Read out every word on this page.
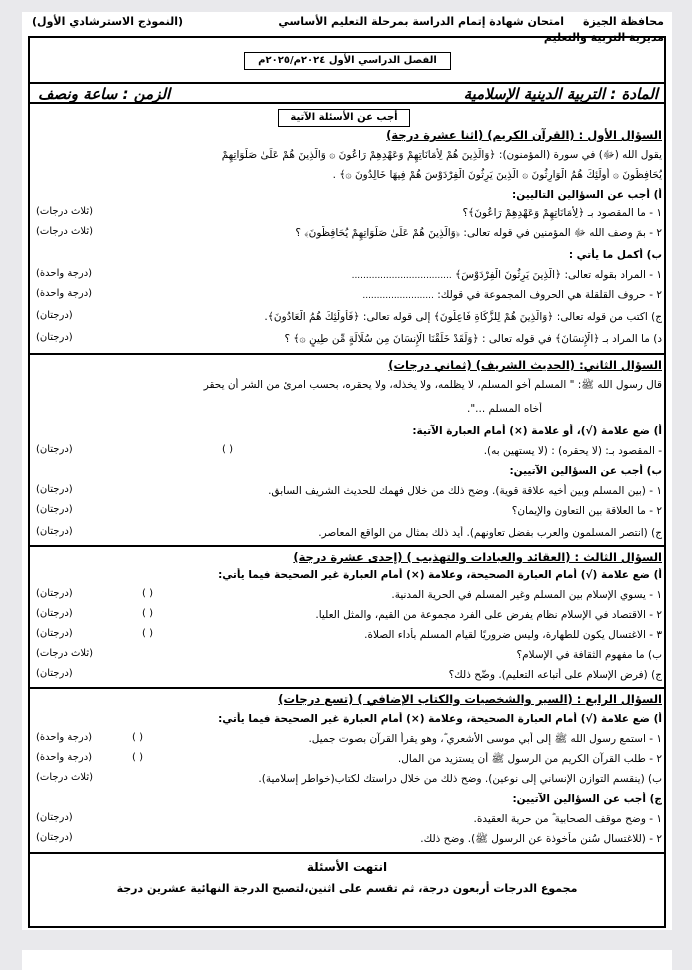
محافظة الجيزة
مديرية التربية والتعليم
امتحان شهادة إتمام الدراسة بمرحلة التعليم الأساسي
(النموذج الاسترشادي الأول)
الفصل الدراسي الأول ٢٠٢٤م/٢٠٢٥م
المادة : التربية الدينية الإسلامية
الزمن : ساعة ونصف
أجب عن الأسئلة الآتية
السؤال الأول : (القرآن الكريم) (اثنا عشرة درجة)
يقول الله (ﷻ) في سورة (المؤمنون): ﴿وَالَّذِينَ هُمْ لِأَمَانَاتِهِمْ وَعَهْدِهِمْ رَاعُونَ ۞ وَالَّذِينَ هُمْ عَلَىٰ صَلَوَاتِهِمْ
يُحَافِظُونَ ۞ أُولَٰئِكَ هُمُ الْوَارِثُونَ ۞ الَّذِينَ يَرِثُونَ الْفِرْدَوْسَ هُمْ فِيهَا خَالِدُونَ ۞﴾ .
أ) أجب عن السؤالين التاليين:
١ - ما المقصود بـ ﴿لِأَمَانَاتِهِمْ وَعَهْدِهِمْ رَاعُونَ﴾؟
(ثلاث درجات)
٢ - بمَ وصف الله ﷻ المؤمنين في قوله تعالى: ﴿وَالَّذِينَ هُمْ عَلَىٰ صَلَوَاتِهِمْ يُحَافِظُونَ﴾ ؟
(ثلاث درجات)
ب) أكمل ما يأتي :
١ - المراد بقوله تعالى: ﴿الَّذِينَ يَرِثُونَ الْفِرْدَوْسَ﴾ ...................................
(درجة واحدة)
٢ - حروف القلقلة هي الحروف المجموعة في قولك: .........................
(درجة واحدة)
ج) اكتب من قوله تعالى: ﴿وَالَّذِينَ هُمْ لِلزَّكَاةِ فَاعِلُونَ﴾ إلى قوله تعالى: ﴿فَأُولَٰئِكَ هُمُ الْعَادُونَ﴾.
(درجتان)
د) ما المراد بـ ﴿الْإِنسَانَ﴾ في قوله تعالى : ﴿وَلَقَدْ خَلَقْنَا الْإِنسَانَ مِن سُلَالَةٍ مِّن طِينٍ ۞﴾ ؟
(درجتان)
السؤال الثاني: (الحديث الشريف) (ثماني درجات)
قال رسول الله ﷺ: " المسلم أخو المسلم، لا يظلمه، ولا يخذله، ولا يحقره، بحسب امرئ من الشر أن يحقر
أخاه المسلم ...".
أ) ضع علامة (√)، أو علامة (×) أمام العبارة الآتية:
- المقصود بـ: (لا يحقره) : (لا يستهين به).
( )
(درجتان)
ب) أجب عن السؤالين الآتيين:
١ - (بين المسلم وبين أخيه علاقة قوية). وضح ذلك من خلال فهمك للحديث الشريف السابق.
(درجتان)
٢ - ما العلاقة بين التعاون والإيمان؟
(درجتان)
ج) (انتصر المسلمون والعرب بفضل تعاونهم). أيد ذلك بمثال من الواقع المعاصر.
(درجتان)
السؤال الثالث : (العقائد والعبادات والتهذيب ) (إحدى عشرة درجة)
أ) ضع علامة (√) أمام العبارة الصحيحة، وعلامة (×) أمام العبارة غير الصحيحة فيما يأتي:
١ - يسوي الإسلام بين المسلم وغير المسلم في الحرية المدنية.
( )
(درجتان)
٢ - الاقتصاد في الإسلام نظام يفرض على الفرد مجموعة من القيم، والمثل العليا.
( )
(درجتان)
٣ - الاغتسال يكون للطهارة، وليس ضروريًا لقيام المسلم بأداء الصلاة.
( )
(درجتان)
ب) ما مفهوم الثقافة في الإسلام؟
(ثلاث درجات)
ج) (فرض الإسلام على أتباعه التعليم). وضّح ذلك؟
(درجتان)
السؤال الرابع : (السير والشخصيات والكتاب الإضافي ) (تسع درجات)
أ) ضع علامة (√) أمام العبارة الصحيحة، وعلامة (×) أمام العبارة غير الصحيحة فيما يأتي:
١ - استمع رسول الله ﷺ إلى أبي موسى الأشعري ؓ، وهو يقرأ القرآن بصوت جميل.
( )
(درجة واحدة)
٢ - طلب القرآن الكريم من الرسول ﷺ أن يستزيد من المال.
( )
(درجة واحدة)
ب) (ينقسم التوازن الإنساني إلى نوعين). وضح ذلك من خلال دراستك لكتاب(خواطر إسلامية).
(ثلاث درجات)
ج) أجب عن السؤالين الآتيين:
١ - وضح موقف الصحابية ؓ من حرية العقيدة.
(درجتان)
٢ - (للاغتسال سُنن مأخوذة عن الرسول ﷺ). وضح ذلك.
(درجتان)
انتهت الأسئلة
مجموع الدرجات أربعون درجة، ثم تقسم على اثنين،لتصبح الدرجة النهائية عشرين درجة
